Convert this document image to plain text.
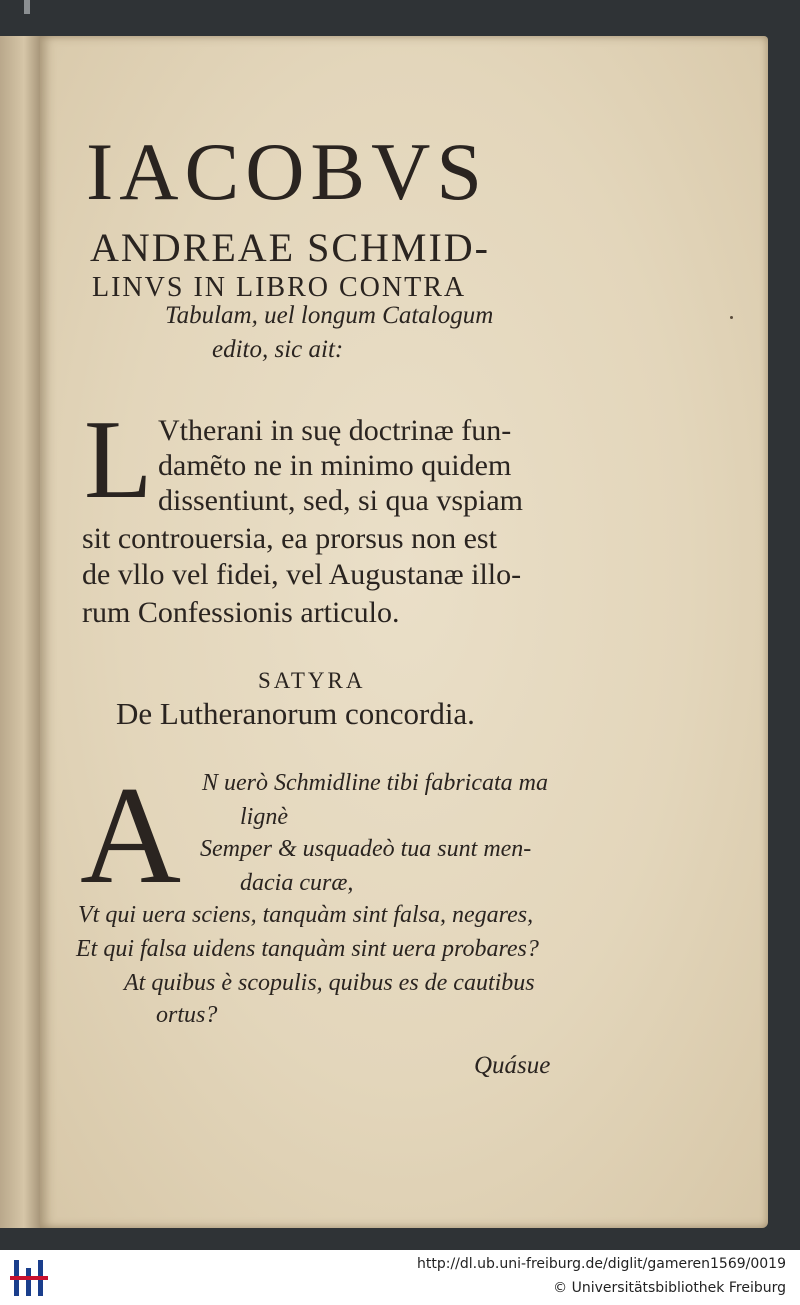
IACOBVS
ANDREAE SCHMID-
LINVS IN LIBRO CONTRA
Tabulam, uel longum Catalogum
edito, sic ait:
L Vtherani in suę doctrinæ fun-
damẽto ne in minimo quidem
dissentiunt, sed, si qua vspiam
sit controuersia, ea prorsus non est
de vllo vel fidei, vel Augustanæ illo-
rum Confessionis articulo.
SATYRA
De Lutheranorum concordia.
A N uerò Schmidline tibi fabricata ma
lignè
Semper & usquadeò tua sunt men-
dacia curæ,
Vt qui uera sciens, tanquàm sint falsa, negares,
Et qui falsa uidens tanquàm sint uera probares?
At quibus è scopulis, quibus es de cautibus
ortus?
Quásue
http://dl.ub.uni-freiburg.de/diglit/gameren1569/0019
© Universitätsbibliothek Freiburg
